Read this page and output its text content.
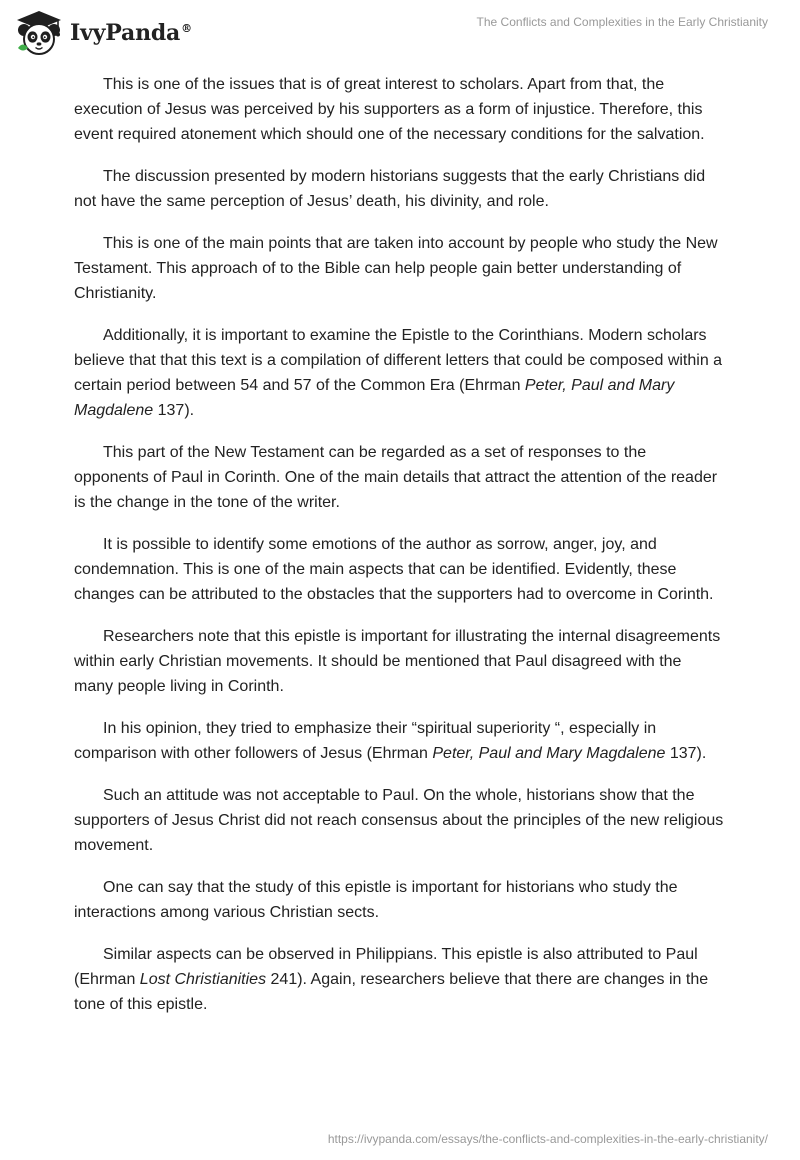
IvyPanda®	The Conflicts and Complexities in the Early Christianity

This is one of the issues that is of great interest to scholars. Apart from that, the execution of Jesus was perceived by his supporters as a form of injustice. Therefore, this event required atonement which should one of the necessary conditions for the salvation.

The discussion presented by modern historians suggests that the early Christians did not have the same perception of Jesus’ death, his divinity, and role.

This is one of the main points that are taken into account by people who study the New Testament. This approach of to the Bible can help people gain better understanding of Christianity.

Additionally, it is important to examine the Epistle to the Corinthians. Modern scholars believe that that this text is a compilation of different letters that could be composed within a certain period between 54 and 57 of the Common Era (Ehrman Peter, Paul and Mary Magdalene 137).

This part of the New Testament can be regarded as a set of responses to the opponents of Paul in Corinth. One of the main details that attract the attention of the reader is the change in the tone of the writer.

It is possible to identify some emotions of the author as sorrow, anger, joy, and condemnation. This is one of the main aspects that can be identified. Evidently, these changes can be attributed to the obstacles that the supporters had to overcome in Corinth.

Researchers note that this epistle is important for illustrating the internal disagreements within early Christian movements. It should be mentioned that Paul disagreed with the many people living in Corinth.

In his opinion, they tried to emphasize their “spiritual superiority “, especially in comparison with other followers of Jesus (Ehrman Peter, Paul and Mary Magdalene 137).

Such an attitude was not acceptable to Paul. On the whole, historians show that the supporters of Jesus Christ did not reach consensus about the principles of the new religious movement.

One can say that the study of this epistle is important for historians who study the interactions among various Christian sects.

Similar aspects can be observed in Philippians. This epistle is also attributed to Paul (Ehrman Lost Christianities 241). Again, researchers believe that there are changes in the tone of this epistle.

https://ivypanda.com/essays/the-conflicts-and-complexities-in-the-early-christianity/
